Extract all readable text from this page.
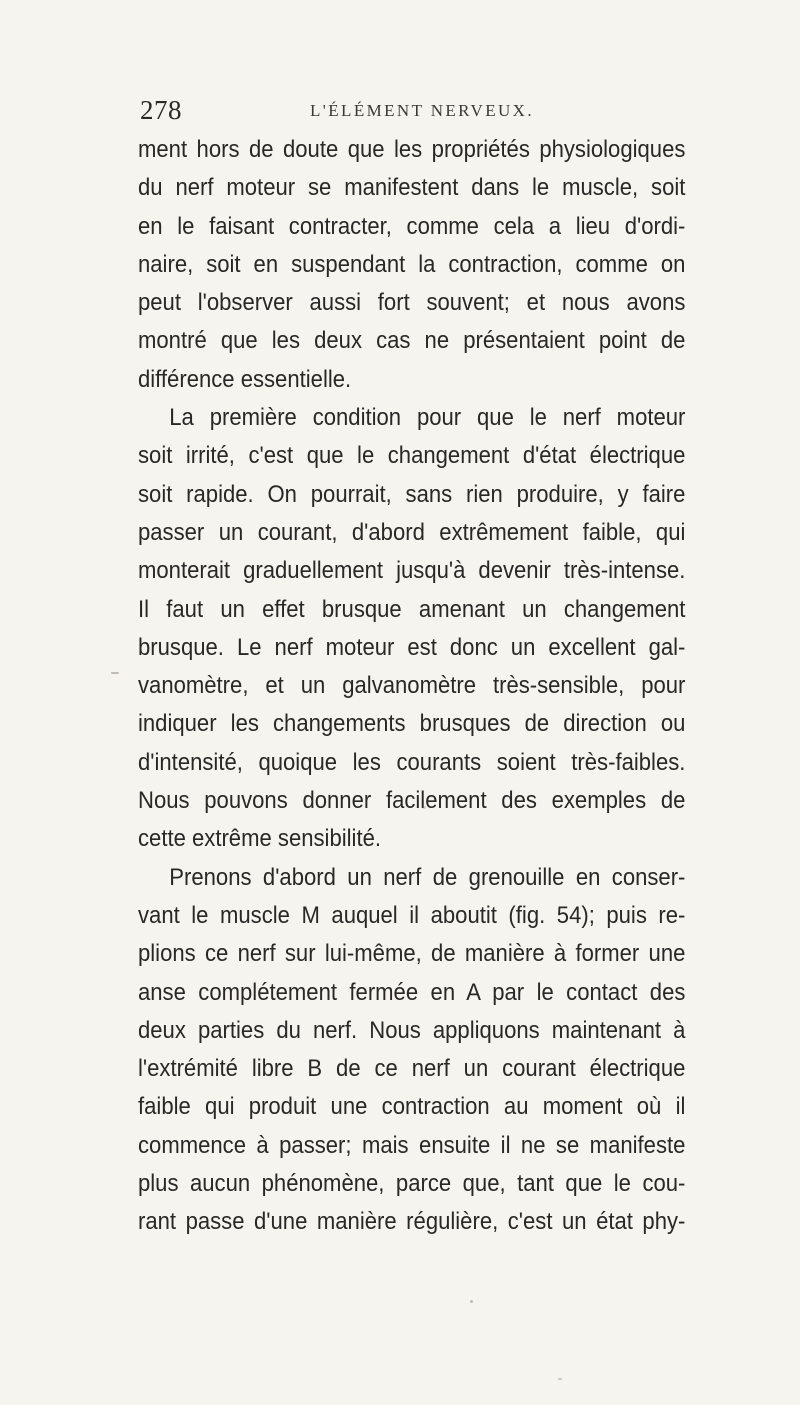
278	L'ÉLÉMENT NERVEUX.
ment hors de doute que les propriétés physiologiques
du nerf moteur se manifestent dans le muscle, soit
en le faisant contracter, comme cela a lieu d'ordi-
naire, soit en suspendant la contraction, comme on
peut l'observer aussi fort souvent; et nous avons
montré que les deux cas ne présentaient point de
différence essentielle.
La première condition pour que le nerf moteur
soit irrité, c'est que le changement d'état électrique
soit rapide. On pourrait, sans rien produire, y faire
passer un courant, d'abord extrêmement faible, qui
monterait graduellement jusqu'à devenir très-intense.
Il faut un effet brusque amenant un changement
brusque. Le nerf moteur est donc un excellent gal-
vanomètre, et un galvanomètre très-sensible, pour
indiquer les changements brusques de direction ou
d'intensité, quoique les courants soient très-faibles.
Nous pouvons donner facilement des exemples de
cette extrême sensibilité.
Prenons d'abord un nerf de grenouille en conser-
vant le muscle M auquel il aboutit (fig. 54); puis re-
plions ce nerf sur lui-même, de manière à former une
anse complétement fermée en A par le contact des
deux parties du nerf. Nous appliquons maintenant à
l'extrémité libre B de ce nerf un courant électrique
faible qui produit une contraction au moment où il
commence à passer; mais ensuite il ne se manifeste
plus aucun phénomène, parce que, tant que le cou-
rant passe d'une manière régulière, c'est un état phy-
